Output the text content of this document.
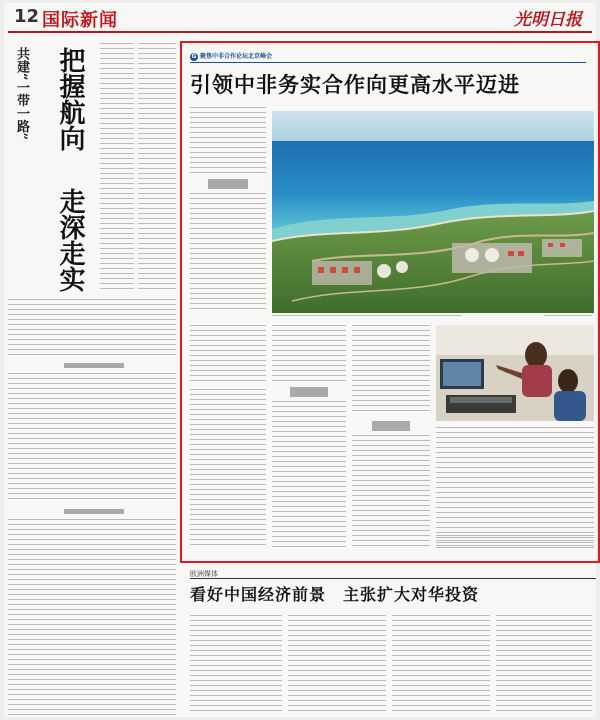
12 国际新闻	光明日报
共建“一带一路” 把握航向
走深走实
G 聚焦中非合作论坛北京峰会
引领中非务实合作向更高水平迈进
欧洲媒体
看好中国经济前景　主张扩大对华投资
